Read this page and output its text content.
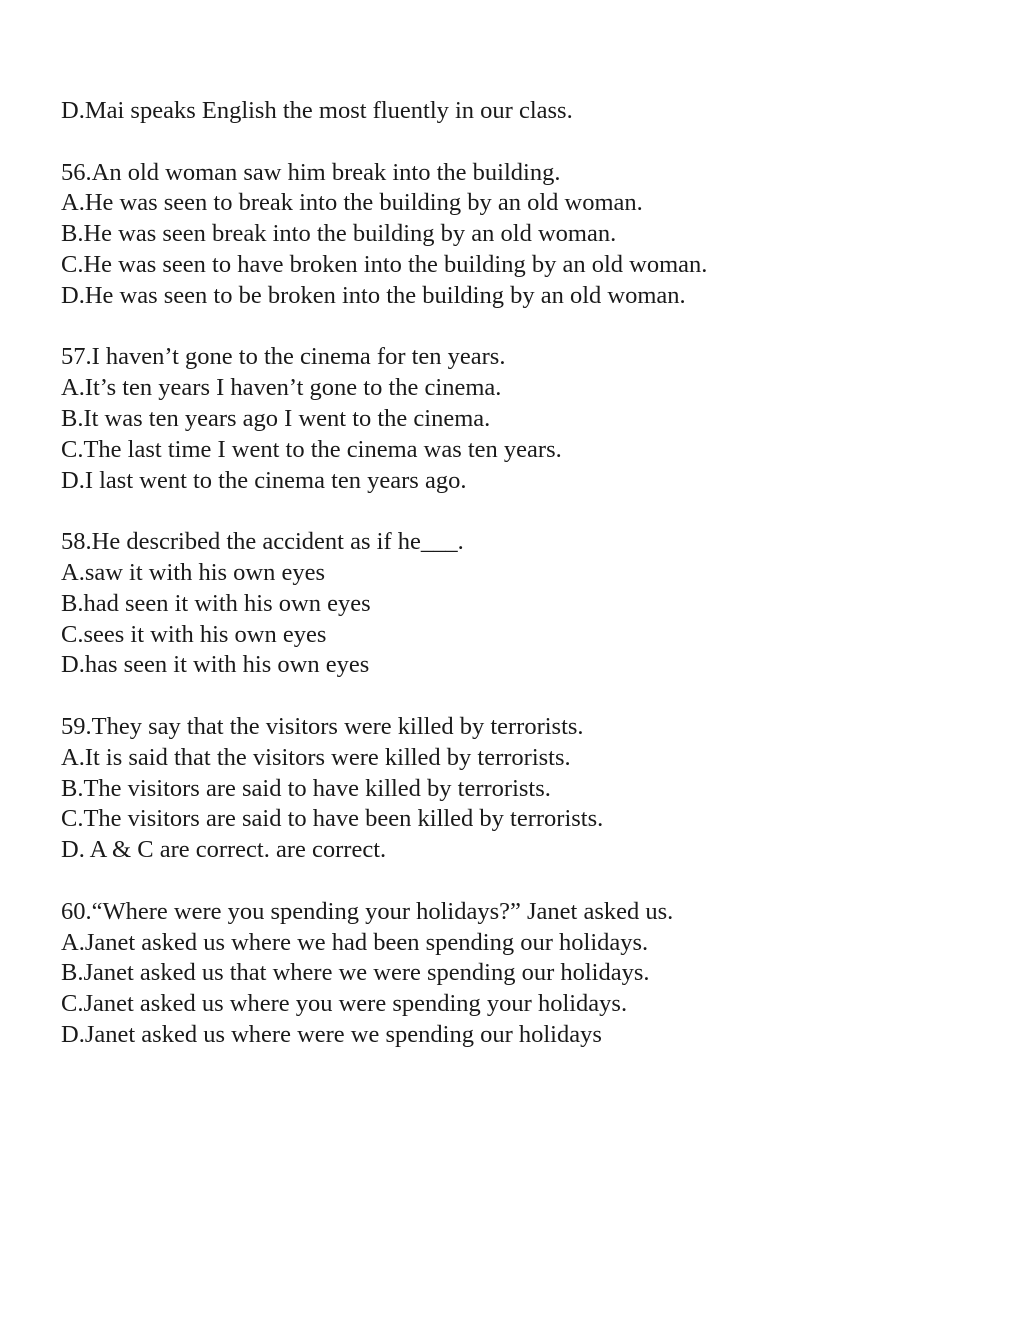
D.Mai speaks English the most fluently in our class.

56.An old woman saw him break into the building.

A.He was seen to break into the building by an old woman.

B.He was seen break into the building by an old woman.

C.He was seen to have broken into the building by an old woman.

D.He was seen to be broken into the building by an old woman.

57.I haven’t gone to the cinema for ten years.

A.It’s ten years I haven’t gone to the cinema.

B.It was ten years ago I went to the cinema.

C.The last time I went to the cinema was ten years.

D.I last went to the cinema ten years ago.

58.He described the accident as if he___.

A.saw it with his own eyes

B.had seen it with his own eyes

C.sees it with his own eyes

D.has seen it with his own eyes

59.They say that the visitors were killed by terrorists.

A.It is said that the visitors were killed by terrorists.

B.The visitors are said to have killed by terrorists.

C.The visitors are said to have been killed by terrorists.

D. A & C are correct. are correct.

60.“Where were you spending your holidays?” Janet asked us.

A.Janet asked us where we had been spending our holidays.

B.Janet asked us that where we were spending our holidays.

C.Janet asked us where you were spending your holidays.

D.Janet asked us where were we spending our holidays
